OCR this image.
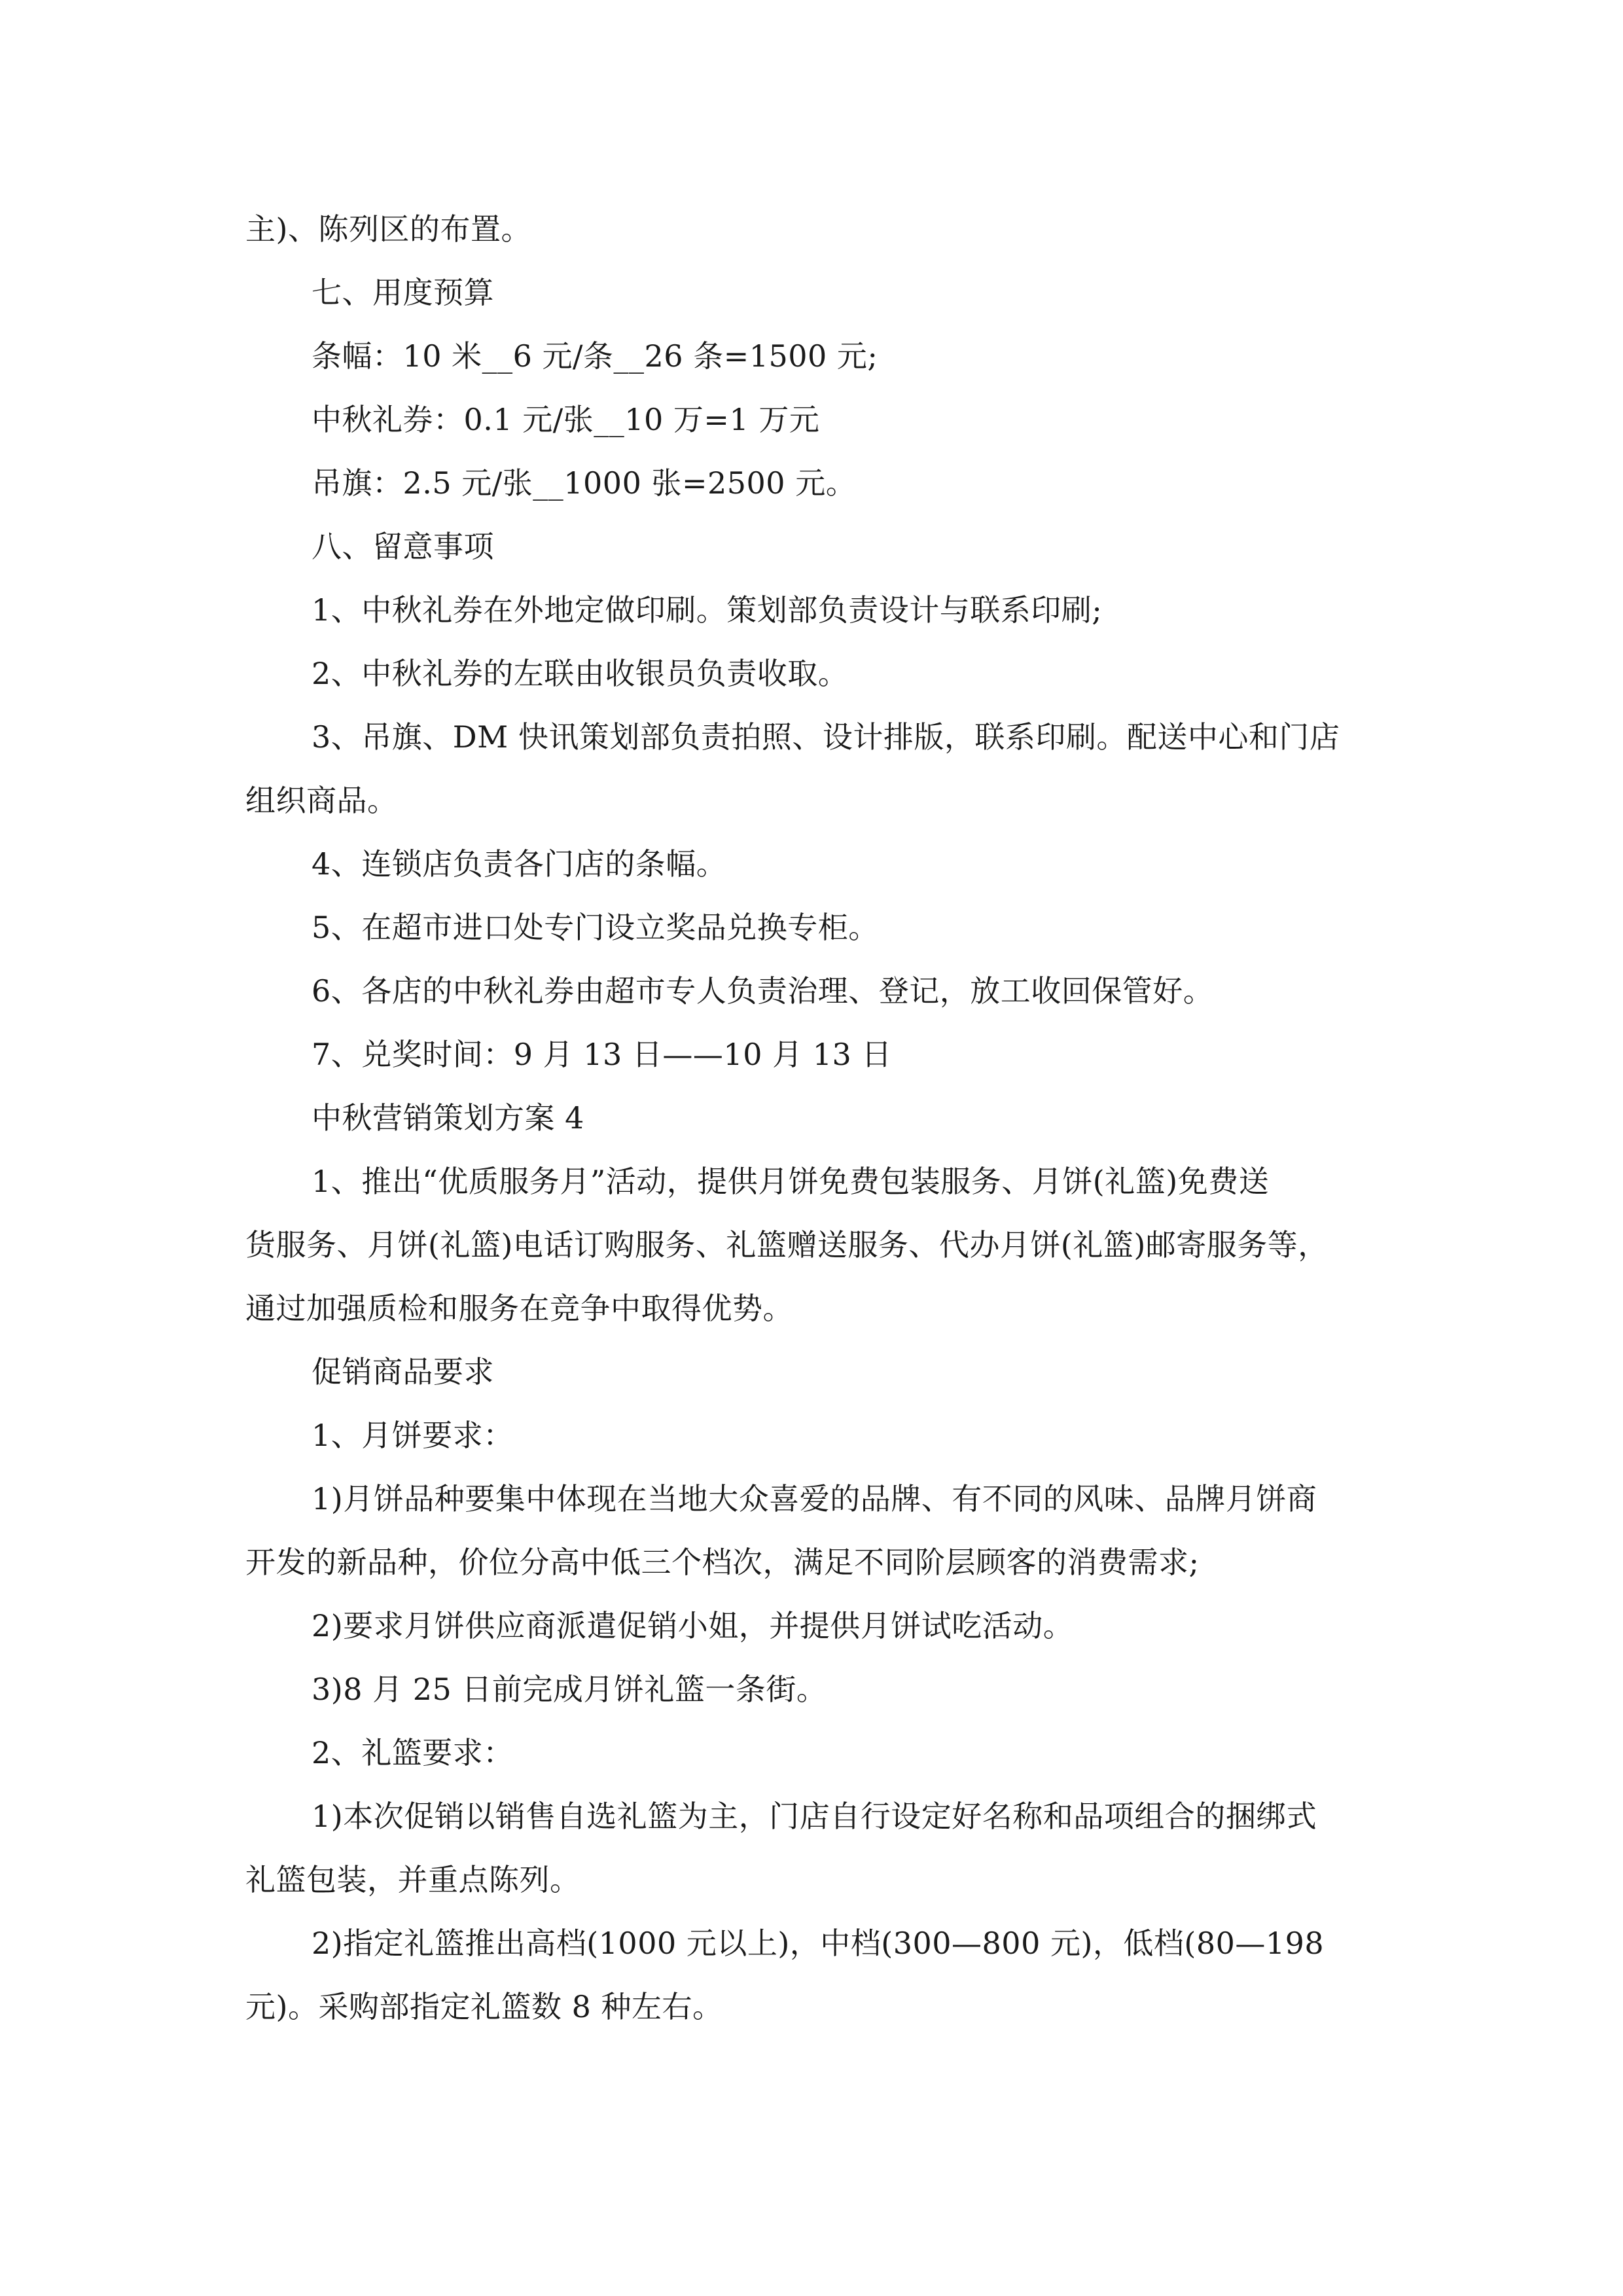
主)、陈列区的布置。
七、用度预算
条幅：10 米__6 元/条__26 条=1500 元;
中秋礼券：0.1 元/张__10 万=1 万元
吊旗：2.5 元/张__1000 张=2500 元。
八、留意事项
1、中秋礼券在外地定做印刷。策划部负责设计与联系印刷;
2、中秋礼券的左联由收银员负责收取。
3、吊旗、DM 快讯策划部负责拍照、设计排版，联系印刷。配送中心和门店
组织商品。
4、连锁店负责各门店的条幅。
5、在超市进口处专门设立奖品兑换专柜。
6、各店的中秋礼券由超市专人负责治理、登记，放工收回保管好。
7、兑奖时间：9 月 13 日——10 月 13 日
中秋营销策划方案 4
1、推出“优质服务月”活动，提供月饼免费包装服务、月饼(礼篮)免费送
货服务、月饼(礼篮)电话订购服务、礼篮赠送服务、代办月饼(礼篮)邮寄服务等，
通过加强质检和服务在竞争中取得优势。
促销商品要求
1、月饼要求：
1)月饼品种要集中体现在当地大众喜爱的品牌、有不同的风味、品牌月饼商
开发的新品种，价位分高中低三个档次，满足不同阶层顾客的消费需求;
2)要求月饼供应商派遣促销小姐，并提供月饼试吃活动。
3)8 月 25 日前完成月饼礼篮一条街。
2、礼篮要求：
1)本次促销以销售自选礼篮为主，门店自行设定好名称和品项组合的捆绑式
礼篮包装，并重点陈列。
2)指定礼篮推出高档(1000 元以上)，中档(300—800 元)，低档(80—198
元)。采购部指定礼篮数 8 种左右。
